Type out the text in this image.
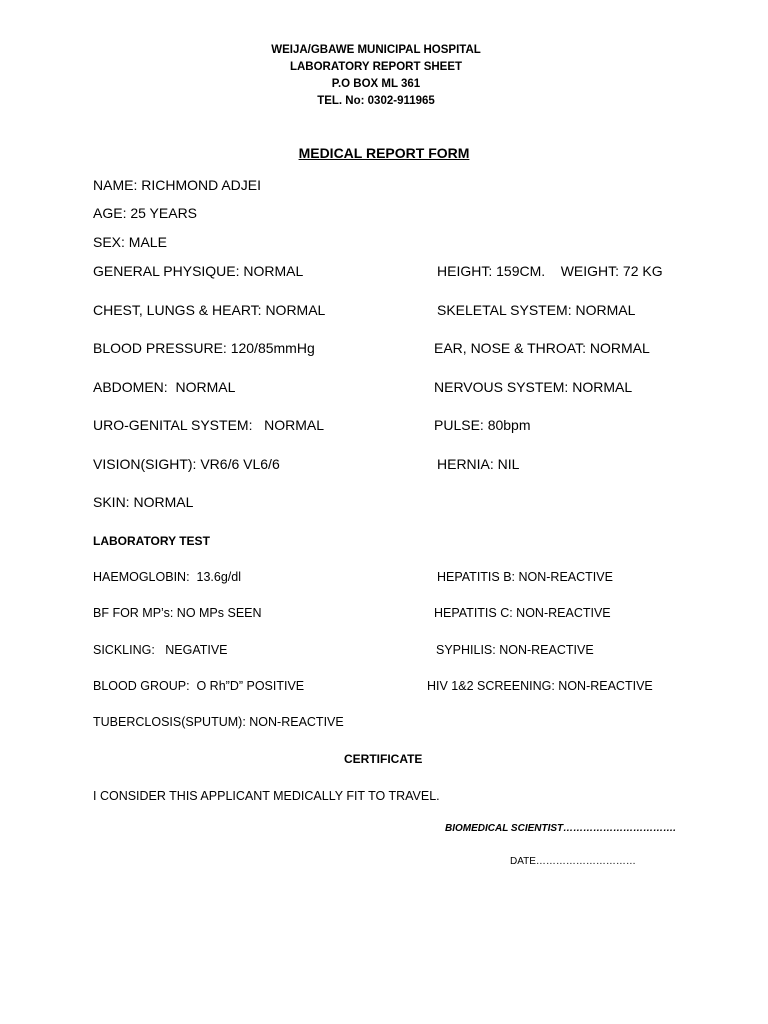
WEIJA/GBAWE MUNICIPAL HOSPITAL
LABORATORY REPORT SHEET
P.O BOX ML 361
TEL. No: 0302-911965
MEDICAL REPORT FORM
NAME: RICHMOND ADJEI
AGE: 25 YEARS
SEX: MALE
GENERAL PHYSIQUE: NORMAL	HEIGHT: 159CM.    WEIGHT: 72 KG
CHEST, LUNGS & HEART: NORMAL	SKELETAL SYSTEM: NORMAL
BLOOD PRESSURE: 120/85mmHg	EAR, NOSE & THROAT: NORMAL
ABDOMEN:  NORMAL	NERVOUS SYSTEM: NORMAL
URO-GENITAL SYSTEM:   NORMAL	PULSE: 80bpm
VISION(SIGHT): VR6/6 VL6/6	HERNIA: NIL
SKIN: NORMAL
LABORATORY TEST
HAEMOGLOBIN:  13.6g/dl	HEPATITIS B: NON-REACTIVE
BF FOR MP’s: NO MPs SEEN	HEPATITIS C: NON-REACTIVE
SICKLING:   NEGATIVE	SYPHILIS: NON-REACTIVE
BLOOD GROUP:  O Rh”D” POSITIVE	HIV 1&2 SCREENING: NON-REACTIVE
TUBERCLOSIS(SPUTUM): NON-REACTIVE
CERTIFICATE
I CONSIDER THIS APPLICANT MEDICALLY FIT TO TRAVEL.
BIOMEDICAL SCIENTIST…………………………….
DATE…………………………
